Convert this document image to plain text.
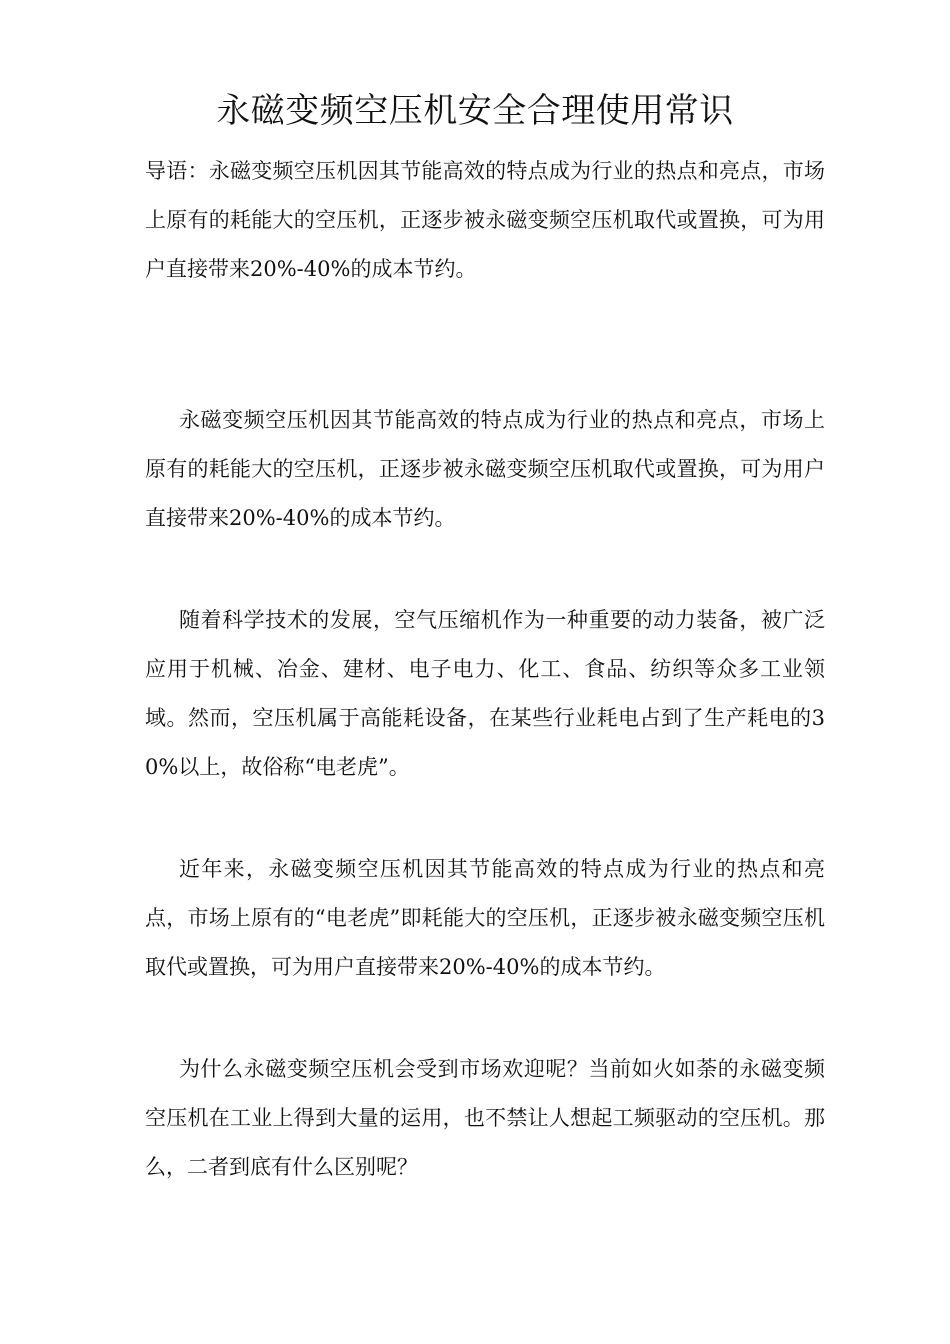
永磁变频空压机安全合理使用常识

导语：永磁变频空压机因其节能高效的特点成为行业的热点和亮点，市场上原有的耗能大的空压机，正逐步被永磁变频空压机取代或置换，可为用户直接带来20%-40%的成本节约。

永磁变频空压机因其节能高效的特点成为行业的热点和亮点，市场上原有的耗能大的空压机，正逐步被永磁变频空压机取代或置换，可为用户直接带来20%-40%的成本节约。

随着科学技术的发展，空气压缩机作为一种重要的动力装备，被广泛应用于机械、冶金、建材、电子电力、化工、食品、纺织等众多工业领域。然而，空压机属于高能耗设备，在某些行业耗电占到了生产耗电的30%以上，故俗称“电老虎”。

近年来，永磁变频空压机因其节能高效的特点成为行业的热点和亮点，市场上原有的“电老虎”即耗能大的空压机，正逐步被永磁变频空压机取代或置换，可为用户直接带来20%-40%的成本节约。

为什么永磁变频空压机会受到市场欢迎呢？当前如火如荼的永磁变频空压机在工业上得到大量的运用，也不禁让人想起工频驱动的空压机。那么，二者到底有什么区别呢？
